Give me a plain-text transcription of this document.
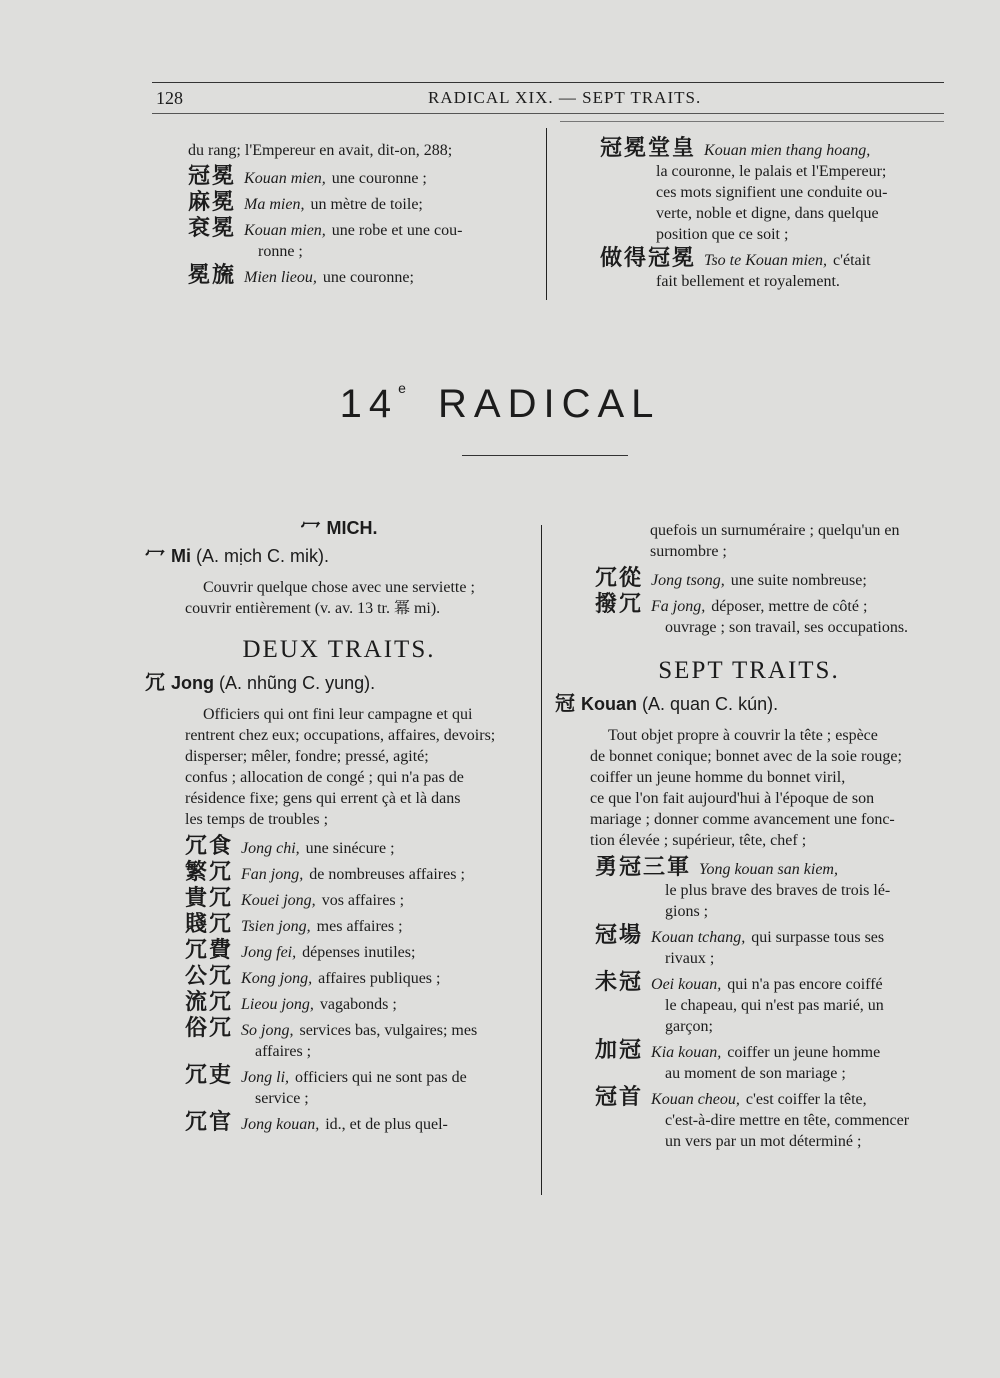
128	RADICAL XIX. — SEPT TRAITS.

du rang; l'Empereur en avait, dit-on, 288;

冠冕 Kouan mien, une couronne ;
麻冕 Ma mien, un mètre de toile;
袞冕 Kouan mien, une robe et une cou-
ronne ;
冕旒 Mien lieou, une couronne;
冠冕堂皇 Kouan mien thang hoang,
la couronne, le palais et l'Empereur;
ces mots signifient une conduite ou-
verte, noble et digne, dans quelque
position que ce soit ;
做得冠冕 Tso te Kouan mien, c'était
fait bellement et royalement.
14e RADICAL
冖 MICH.
冖 Mi (A. mịch C. mik).
Couvrir quelque chose avec une serviette ;
couvrir entièrement (v. av. 13 tr. 冪 mi).
DEUX TRAITS.
冗 Jong (A. nhũng C. yung).
Officiers qui ont fini leur campagne et qui
rentrent chez eux; occupations, affaires, devoirs;
disperser; mêler, fondre; pressé, agité;
confus ; allocation de congé ; qui n'a pas de
résidence fixe; gens qui errent çà et là dans
les temps de troubles ;
冗食 Jong chi, une sinécure ;
繁冗 Fan jong, de nombreuses affaires ;
貴冗 Kouei jong, vos affaires ;
賤冗 Tsien jong, mes affaires ;
冗費 Jong fei, dépenses inutiles;
公冗 Kong jong, affaires publiques ;
流冗 Lieou jong, vagabonds ;
俗冗 So jong, services bas, vulgaires; mes
affaires ;
冗吏 Jong li, officiers qui ne sont pas de
service ;
冗官 Jong kouan, id., et de plus quel-
quefois un surnuméraire ; quelqu'un en
surnombre ;
冗從 Jong tsong, une suite nombreuse;
撥冗 Fa jong, déposer, mettre de côté ;
ouvrage ; son travail, ses occupations.
SEPT TRAITS.
冠 Kouan (A. quan C. kún).
Tout objet propre à couvrir la tête ; espèce
de bonnet conique; bonnet avec de la soie rouge;
coiffer un jeune homme du bonnet viril,
ce que l'on fait aujourd'hui à l'époque de son
mariage ; donner comme avancement une fonc-
tion élevée ; supérieur, tête, chef ;
勇冠三軍 Yong kouan san kiem,
le plus brave des braves de trois lé-
gions ;
冠場 Kouan tchang, qui surpasse tous ses
rivaux ;
未冠 Oei kouan, qui n'a pas encore coiffé
le chapeau, qui n'est pas marié, un
garçon;
加冠 Kia kouan, coiffer un jeune homme
au moment de son mariage ;
冠首 Kouan cheou, c'est coiffer la tête,
c'est-à-dire mettre en tête, commencer
un vers par un mot déterminé ;
